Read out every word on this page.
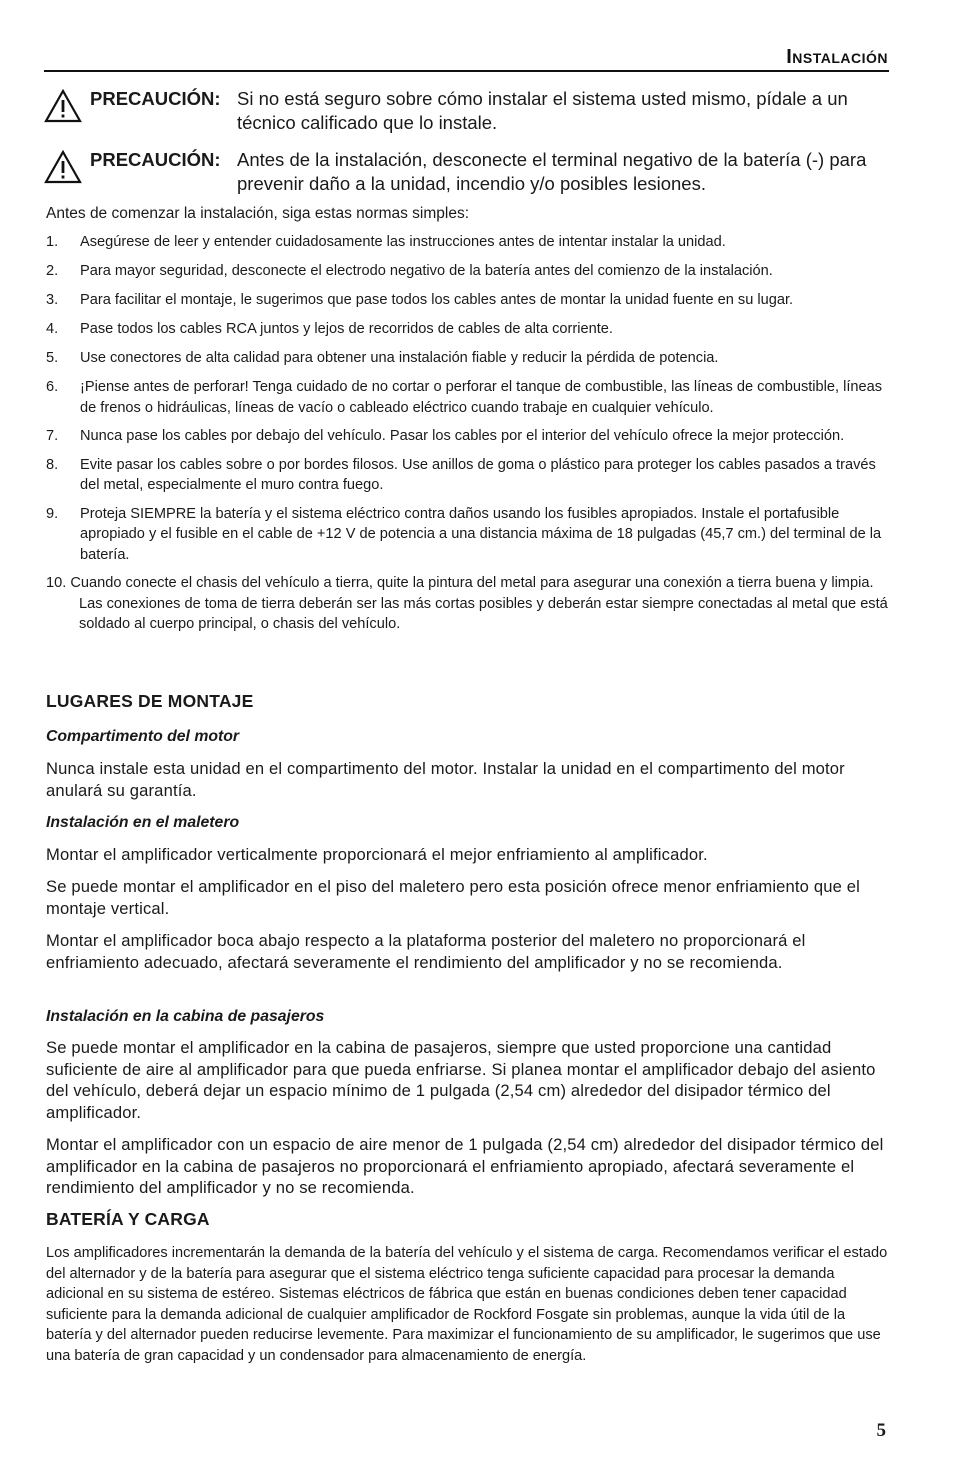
Instalación
PRECAUCIÓN: Si no está seguro sobre cómo instalar el sistema usted mismo, pídale a un técnico calificado que lo instale.
PRECAUCIÓN: Antes de la instalación, desconecte el terminal negativo de la batería (-) para prevenir daño a la unidad, incendio y/o posibles lesiones.
Antes de comenzar la instalación, siga estas normas simples:
1. Asegúrese de leer y entender cuidadosamente las instrucciones antes de intentar instalar la unidad.
2. Para mayor seguridad, desconecte el electrodo negativo de la batería antes del comienzo de la instalación.
3. Para facilitar el montaje, le sugerimos que pase todos los cables antes de montar la unidad fuente en su lugar.
4. Pase todos los cables RCA juntos y lejos de recorridos de cables de alta corriente.
5. Use conectores de alta calidad para obtener una instalación fiable y reducir la pérdida de potencia.
6. ¡Piense antes de perforar! Tenga cuidado de no cortar o perforar el tanque de combustible, las líneas de combustible, líneas de frenos o hidráulicas, líneas de vacío o cableado eléctrico cuando trabaje en cualquier vehículo.
7. Nunca pase los cables por debajo del vehículo. Pasar los cables por el interior del vehículo ofrece la mejor protección.
8. Evite pasar los cables sobre o por bordes filosos. Use anillos de goma o plástico para proteger los cables pasados a través del metal, especialmente el muro contra fuego.
9. Proteja SIEMPRE la batería y el sistema eléctrico contra daños usando los fusibles apropiados. Instale el portafusible apropiado y el fusible en el cable de +12 V de potencia a una distancia máxima de 18 pulgadas (45,7 cm.) del terminal de la batería.
10. Cuando conecte el chasis del vehículo a tierra, quite la pintura del metal para asegurar una conexión a tierra buena y limpia. Las conexiones de toma de tierra deberán ser las más cortas posibles y deberán estar siempre conectadas al metal que está soldado al cuerpo principal, o chasis del vehículo.
LUGARES DE MONTAJE
Compartimento del motor
Nunca instale esta unidad en el compartimento del motor. Instalar la unidad en el compartimento del motor anulará su garantía.
Instalación en el maletero
Montar el amplificador verticalmente proporcionará el mejor enfriamiento al amplificador.
Se puede montar el amplificador en el piso del maletero pero esta posición ofrece menor enfriamiento que el montaje vertical.
Montar el amplificador boca abajo respecto a la plataforma posterior del maletero no proporcionará el enfriamiento adecuado, afectará severamente el rendimiento del amplificador y no se recomienda.
Instalación en la cabina de pasajeros
Se puede montar el amplificador en la cabina de pasajeros, siempre que usted proporcione una cantidad suficiente de aire al amplificador para que pueda enfriarse. Si planea montar el amplificador debajo del asiento del vehículo, deberá dejar un espacio mínimo de 1 pulgada (2,54 cm) alrededor del disipador térmico del amplificador.
Montar el amplificador con un espacio de aire menor de 1 pulgada (2,54 cm) alrededor del disipador térmico del amplificador en la cabina de pasajeros no proporcionará el enfriamiento apropiado, afectará severamente el rendimiento del amplificador y no se recomienda.
BATERÍA Y CARGA
Los amplificadores incrementarán la demanda de la batería del vehículo y el sistema de carga. Recomendamos verificar el estado del alternador y de la batería para asegurar que el sistema eléctrico tenga suficiente capacidad para procesar la demanda adicional en su sistema de estéreo. Sistemas eléctricos de fábrica que están en buenas condiciones deben tener capacidad suficiente para la demanda adicional de cualquier amplificador de Rockford Fosgate sin problemas, aunque la vida útil de la batería y del alternador pueden reducirse levemente. Para maximizar el funcionamiento de su amplificador, le sugerimos que use una batería de gran capacidad y un condensador para almacenamiento de energía.
5
